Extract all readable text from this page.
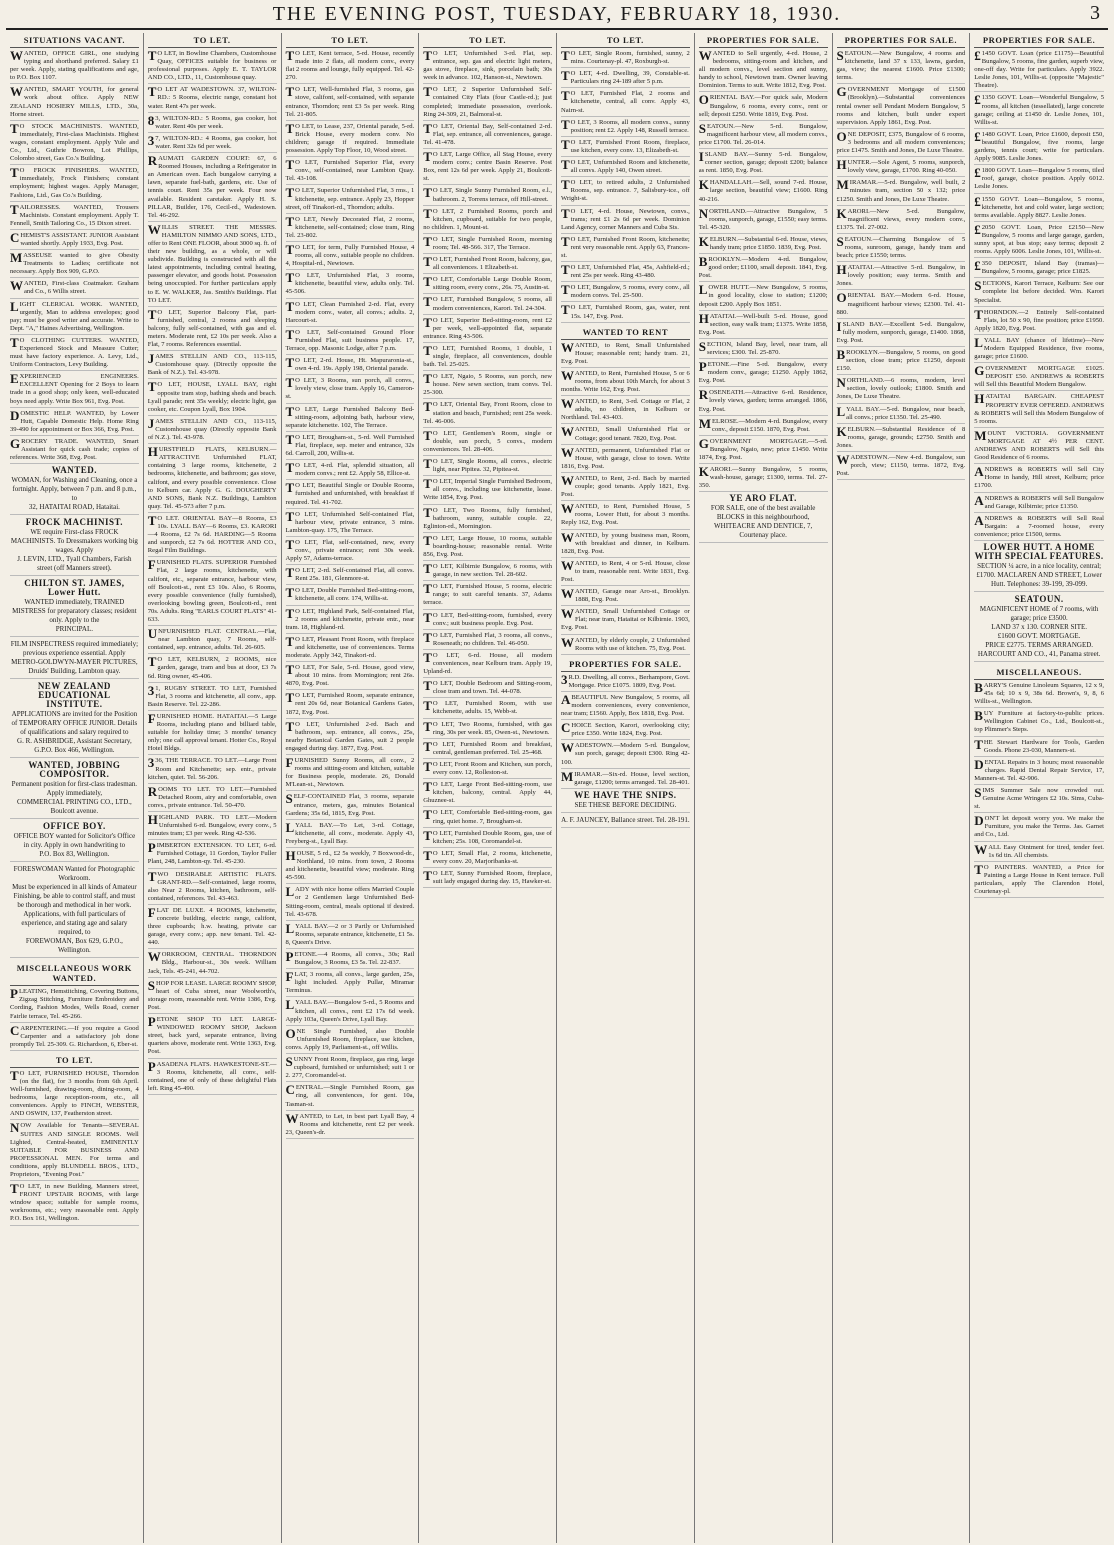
THE EVENING POST, TUESDAY, FEBRUARY 18, 1930.	3
SITUATIONS VACANT.

WANTED, OFFICE GIRL, one studying typing and shorthand preferred. Salary £1 per week. Apply, stating qualifications and age, to P.O. Box 1107.

WANTED, SMART YOUTH, for general work about office. Apply NEW ZEALAND HOSIERY MILLS, LTD., 30a, Horne street.

T O STOCK MACHINISTS. WANTED, immediately, First-class Machinists. Highest wages, constant employment. Apply Yule and Co., Ltd., Guthrie Bowron, Lot Phillips, Colombo street, Gas Co.'s Building.

T O FROCK FINISHERS. WANTED, immediately, Frock Finishers; constant employment; highest wages. Apply Manager, Fashions, Ltd., Gas Co.'s Building.

TAILORESSES. WANTED, Trousers Machinists. Constant employment. Apply T. Fennell, Smith Tailoring Co., 15 Dixon street.

CHEMIST'S ASSISTANT. JUNIOR Assistant wanted shortly. Apply 1933, Evg. Post.

MASSEUSE wanted to give Obesity Treatments to Ladies; certificate not necessary. Apply Box 909, G.P.O.

WANTED, First-class Coatmaker. Graham and Co., 6 Willis street.

LIGHT CLERICAL WORK. WANTED, urgently, Man to address envelopes; good pay; must be good writer and accurate. Write to Dept. "A," Haines Advertising, Wellington.

T O CLOTHING CUTTERS. WANTED, Experienced Stock and Measure Cutter; must have factory experience. A. Levy, Ltd., Uniform Contractors, Levy Building.

EXPERIENCED ENGINEERS. EXCELLENT Opening for 2 Boys to learn trade in a good shop; only keen, well-educated boys need apply. Write Box 961, Evg. Post.

DOMESTIC HELP. WANTED, by Lower Hutt, Capable Domestic Help. Home Ring 39-490 for appointment or Box 366, Evg. Post.

GROCERY TRADE. WANTED, Smart Assistant for quick cash trade; copies of references. Write 368, Evg. Post.

WANTED.
WOMAN, for Washing and Cleaning, once a fortnight. Apply, between 7 p.m. and 8 p.m., to
32, HATAITAI ROAD, Hataitai.
FROCK MACHINIST.
WE require First-class FROCK MACHINISTS. To Dressmakers working big wages. Apply
J. LEVIN, LTD., Tyall Chambers, Farish street (off Manners street).
CHILTON ST. JAMES, Lower Hutt.
WANTED immediately, TRAINED MISTRESS for preparatory classes; resident only. Apply to the
PRINCIPAL.
FILM INSPECTRESS required immediately; previous experience essential. Apply
METRO-GOLDWYN-MAYER PICTURES, Druids' Building, Lambton quay.
NEW ZEALAND EDUCATIONAL INSTITUTE.
APPLICATIONS are invited for the Position of TEMPORARY OFFICE JUNIOR. Details of qualifications and salary required to
G. R. ASHBRIDGE, Assistant Secretary, G.P.O. Box 466, Wellington.
WANTED, JOBBING COMPOSITOR.
Permanent position for first-class tradesman. Apply immediately,
COMMERCIAL PRINTING CO., LTD., Boulcott avenue.
OFFICE BOY.
OFFICE BOY wanted for Solicitor's Office in city. Apply in own handwriting to
P.O. Box 83, Wellington.
FORESWOMAN Wanted for Photographic Workroom.
Must be experienced in all kinds of Amateur Finishing, be able to control staff, and must be thorough and methodical in her work.
Applications, with full particulars of experience, and stating age and salary required, to
FOREWOMAN, Box 629, G.P.O., Wellington.
MISCELLANEOUS WORK WANTED.

PLEATING, Hemstitching, Covering Buttons, Zigzag Stitching, Furniture Embroidery and Cording, Fashion Modes, Wells Road, corner Fairlie terrace, Tel. 45-266.

CARPENTERING.—If you require a Good Carpenter and a satisfactory job done promptly Tel. 25-309. G. Richardson, 6, Eber-st.

TO LET.

T O LET, FURNISHED HOUSE, Thorndon (on the flat), for 3 months from 6th April. Well-furnished, drawing-room, dining-room, 4 bedrooms, large reception-room, etc., all conveniences. Apply to FINCH, WEBSTER, AND OSWIN, 137, Featherston street.

NOW Available for Tenants—SEVERAL SUITES AND SINGLE ROOMS. Well Lighted, Central-heated, EMINENTLY SUITABLE FOR BUSINESS AND PROFESSIONAL MEN. For terms and conditions, apply BLUNDELL BROS., LTD., Proprietors, "Evening Post."

T O LET, in new Building, Manners street, FRONT UPSTAIR ROOMS, with large window space; suitable for sample rooms, workrooms, etc.; very reasonable rent. Apply P.O. Box 161, Wellington.

TO LET.

T O LET, in Bowline Chambers, Customhouse Quay, OFFICES suitable for business or professional purposes. Apply E. T. TAYLOR AND CO., LTD., 11, Customhouse quay.

T O LET AT WADESTOWN. 37, WILTON-RD.: 5 Rooms, electric range, constant hot water. Rent 47s per week.

8 3, WILTON-RD.: 5 Rooms, gas cooker, hot water. Rent 40s per week.

3 7, WILTON-RD.: 4 Rooms, gas cooker, hot water. Rent 32s 6d per week.

RAUMATI GARDEN COURT: 67, 6 Roomed Houses, including a Refrigerator in an American oven. Each bungalow carrying a lawn, separate fuel-bath, gardens, etc. Use of tennis court. Rent 35s per week. Four now available. Resident caretaker. Apply H. S. PILLAR, Builder, 176, Cecil-rd., Wadestown. Tel. 46-292.

WILLIS STREET. THE MESSRS. HAMILTON NIMMO AND SONS, LTD., offer to Rent ONE FLOOR, about 3000 sq. ft. of their new building, as a whole, or will subdivide. Building is constructed with all the latest appointments, including central heating, passenger elevator, and goods hoist. Possession being unoccupied. For further particulars apply to E. W. WALKER, Jas. Smith's Buildings. Flat TO LET.

T O LET, Superior Balcony Flat, part-furnished, central, 2 rooms and sleeping balcony, fully self-contained, with gas and el. meters. Moderate rent, £2 10s per week. Also a Flat, 7 rooms. References essential.

JAMES STELLIN AND CO., 113-115, Customhouse quay. (Directly opposite the Bank of N.Z.). Tel. 43-978.

T O LET, HOUSE, LYALL BAY, right opposite tram stop, bathing sheds and beach. Lyall parade; rent 35s weekly; electric light, gas cooker, etc. Coupon Lyall, Box 1904.

JAMES STELLIN AND CO., 113-115, Customhouse quay (Directly opposite Bank of N.Z.). Tel. 43-978.

HURSTFIELD FLATS, KELBURN.—ATTRACTIVE Unfurnished FLAT, containing 3 large rooms, kitchenette, 2 bedrooms, kitchenette, and bathroom; gas stove, califont, and every possible convenience. Close to Kelburn car. Apply G. G. DOUGHERTY AND SONS, Bank N.Z. Buildings, Lambton quay. Tel. 45-573 after 7 p.m.

T O LET. ORIENTAL BAY—8 Rooms, £3 10s. LYALL BAY—6 Rooms, £3. KARORI—4 Rooms, £2 7s 6d. HARDING—5 Rooms and sunporch, £2 7s 6d. HOTTER AND CO., Regal Film Buildings.

FURNISHED FLATS. SUPERIOR Furnished Flat, 2 large rooms, kitchenette, with califont, etc., separate entrance, harbour view, off Boulcott-st., rent £3 10s. Also, 6 Rooms, every possible convenience (fully furnished), overlooking bowling green, Boulcott-rd., rent 70s. Adults. Ring "EARLS COURT FLATS" 41-633.

UNFURNISHED FLAT. CENTRAL.—Flat, near Lambton quay, 7 Rooms, self-contained, sep. entrance, adults. Tel. 26-605.

T O LET, KELBURN, 2 ROOMS, nice garden, garage, tram and bus at door, £3 7s 6d. Ring owner, 45-406.

3 1, RUGBY STREET. TO LET, Furnished Flat, 3 rooms and kitchenette, all conv., app. Basin Reserve. Tel. 22-286.

FURNISHED HOME. HATAITAI.—5 Large Rooms, including piano and billiard table, suitable for holiday time; 3 months' tenancy only; one call approval tenant. Hotter Co., Royal Hotel Bldgs.

3 36, THE TERRACE. TO LET.—Large Front Room and Kitchenette; sep. entr., private kitchen, quiet. Tel. 56-206.

ROOMS TO LET. TO LET.—Furnished Detached Room, airy and comfortable, own convs., private entrance. Tel. 50-470.

HIGHLAND PARK. TO LET.—Modern Unfurnished 6-rd. Bungalow, every conv., 5 minutes tram; £3 per week. Ring 42-536.

PIMBERTON EXTENSION. TO LET, 6-rd. Furnished Cottage, 11 Gordon, Taylor Fuller Plant, 248, Lambton-qy. Tel. 45-230.

TWO DESIRABLE ARTISTIC FLATS. GRANT-RD.—Self-contained, large rooms, also Near 2 Rooms, kitchen, bathroom, self-contained, references. Tel. 43-463.

FLAT DE LUXE. 4 ROOMS, kitchenette, concrete building, electric range, califont, three cupboards; h.w. heating, private car garage, every conv.; app. new tenant. Tel. 42-440.

WORKROOM, CENTRAL. THORNDON Bldg., Harbour-st., 30s week. William Jack, Tels. 45-241, 44-702.

SHOP FOR LEASE. LARGE ROOMY SHOP, heart of Cuba street, near Woolworth's, storage room, reasonable rent. Write 1386, Evg. Post.

PETONE SHOP TO LET. LARGE-WINDOWED ROOMY SHOP, Jackson street, back yard, separate entrance, living quarters above, moderate rent. Write 1363, Evg. Post.

PASADENA FLATS. HAWKESTONE-ST.—3 Rooms, kitchenette, all conv., self-contained, one of only of these delightful Flats left. Ring 45-490.

TO LET.

T O LET, Kent terrace, 5-rd. House, recently made into 2 flats, all modern conv., every flat 2 rooms and lounge, fully equipped. Tel. 42-270.

T O LET, Well-furnished Flat, 3 rooms, gas stove, califont, self-contained, with separate entrance, Thorndon; rent £3 5s per week. Ring Tel. 21-805.

T O LET, to Lease, 237, Oriental parade, 5-rd. Brick House, every modern conv. No children; garage if required. Immediate possession. Apply Top Floor, 10, Wood street.

T O LET, Furnished Superior Flat, every conv., self-contained, near Lambton Quay. Tel. 43-108.

T O LET, Superior Unfurnished Flat, 3 rms., 1 kitchenette, sep. entrance. Apply 23, Hopper street, off Tinakori-rd., Thorndon; adults.

T O LET, Newly Decorated Flat, 2 rooms, kitchenette, self-contained; close tram, Ring Tel. 23-802.

T O LET, for term, Fully Furnished House, 4 rooms, all conv., suitable people no children. 4, Hospital-rd., Newtown.

T O LET, Unfurnished Flat, 3 rooms, kitchenette, beautiful view, adults only. Tel. 45-506.

T O LET, Clean Furnished 2-rd. Flat, every modern conv., water, all convs.; adults. 2, Harcourt-st.

T O LET, Self-contained Ground Floor Furnished Flat, suit business people. 17, Terrace, opp. Masonic Lodge, after 7 p.m.

T O LET, 2-rd. House, Ht. Mapuraronia-st., own 4-rd. 19s. Apply 198, Oriental parade.

T O LET, 3 Rooms, sun porch, all convs., lovely view, close tram. Apply 16, Cameron-st.

T O LET, Large Furnished Balcony Bed-sitting-room, adjoining bath, harbour view, separate kitchenette. 102, The Terrace.

T O LET, Brougham-st., 5-rd. Well Furnished Flat, fireplace, sep. meter and entrance, 32s 6d. Carroll, 200, Willis-st.

T O LET, 4-rd. Flat, splendid situation, all modern convs.; rent £2. Apply 58, Ellice-st.

T O LET, Beautiful Single or Double Rooms, furnished and unfurnished, with breakfast if required. Tel. 41-702.

T O LET, Unfurnished Self-contained Flat, harbour view, private entrance, 3 mins. Lambton-quay. 175, The Terrace.

T O LET, Flat, self-contained, new, every conv., private entrance; rent 30s week. Apply 57, Adams-terrace.

T O LET, 2-rd. Self-contained Flat, all convs. Rent 25s. 181, Glenmore-st.

T O LET, Double Furnished Bed-sitting-room, kitchenette, all conv. 174, Willis-st.

T O LET, Highland Park, Self-contained Flat, 2 rooms and kitchenette, private entr., near tram. 18, Highland-rd.

T O LET, Pleasant Front Room, with fireplace and kitchenette, use of conveniences. Terms moderate. Apply 342, Tinakori-rd.

T O LET, For Sale, 5-rd. House, good view, about 10 mins. from Mornington; rent 26s. 4870, Evg. Post.

T O LET, Furnished Room, separate entrance, rent 20s 6d, near Botanical Gardens Gates, 1872, Evg. Post.

T O LET, Unfurnished 2-rd. Bach and bathroom, sep. entrance, all convs., 25s, nearby Botanical Garden Gates, suit 2 people engaged during day. 1877, Evg. Post.

FURNISHED Sunny Rooms, all conv., 2 rooms and sitting-room and kitchen, suitable for Business people, moderate. 26, Donald M'Lean-st., Newtown.

SELF-CONTAINED Flat, 3 rooms, separate entrance, meters, gas, minutes Botanical Gardens; 35s 6d, 1815, Evg. Post.

LYALL BAY.—To Let, 3-rd. Cottage, kitchenette, all conv., moderate. Apply 43, Freyberg-st., Lyall Bay.

HOUSE, 5 rd., £2 5s weekly, 7 Boxwood-dr., Northland, 10 mins. from town, 2 Rooms and kitchenette, beautiful view; moderate. Ring 45-590.

LADY with nice home offers Married Couple or 2 Gentlemen large Unfurnished Bed-Sitting-room, central, meals optional if desired. Tel. 43-678.

LYALL BAY.—2 or 3 Partly or Unfurnished Rooms, separate entrance, kitchenette, £1 5s. 8, Queen's Drive.

PETONE.—4 Rooms, all convs., 30s; Rail Bungalow, 3 Rooms, £3 5s. Tel. 22-837.

FLAT, 3 rooms, all convs., large garden, 25s, light included. Apply Pullar, Miramar Terminus.

LYALL BAY.—Bungalow 5-rd., 5 Rooms and kitchen, all convs., rent £2 17s 6d week. Apply 103a, Queen's Drive, Lyall Bay.

ONE Single Furnished, also Double Unfurnished Room, fireplace, use kitchen, convs. Apply 19, Parliament-st., off Willis.

SUNNY Front Room, fireplace, gas ring, large cupboard, furnished or unfurnished; suit 1 or 2. 277, Coromandel-st.

CENTRAL.—Single Furnished Room, gas ring, all conveniences, for gent. 10a, Tasman-st.

WANTED, to Let, in best part Lyall Bay, 4 Rooms and kitchenette, rent £2 per week. 23, Queen's-dr.

TO LET.

T O LET, Unfurnished 3-rd. Flat, sep. entrance, sep. gas and electric light meters, gas stove, fireplace, sink, porcelain bath; 30s week in advance. 102, Hanson-st., Newtown.

T O LET, 2 Superior Unfurnished Self-contained City Flats (four Castle-rd.); just completed; immediate possession, overlook. Ring 24-309, 21, Balmoral-st.

T O LET, Oriental Bay, Self-contained 2-rd. Flat, sep. entrance, all conveniences, garage. Tel. 41-478.

T O LET, Large Office, all Stag House, every modern conv.; centre Basin Reserve. Post Box, rent 12s 6d per week. Apply 21, Boulcott-st.

T O LET, Single Sunny Furnished Room, e.l., bathroom. 2, Torrens terrace, off Hill-street.

T O LET, 2 Furnished Rooms, porch and kitchen, cupboard, suitable for two people, no children. 1, Mount-st.

T O LET, Single Furnished Room, morning room; Tel. 48-566. 317, The Terrace.

T O LET, Furnished Front Room, balcony, gas, all conveniences. 1 Elizabeth-st.

T O LET, Comfortable Large Double Room, sitting room, every conv., 26s. 75, Austin-st.

T O LET, Furnished Bungalow, 5 rooms, all modern conveniences, Karori. Tel. 24-304.

T O LET, Superior Bed-sitting-room, rent £2 per week, well-appointed flat, separate entrance. Ring 43-506.

T O LET, Furnished Rooms, 1 double, 1 single, fireplace, all conveniences, double bath. Tel. 25-025.

T O LET, Ngaio, 5 Rooms, sun porch, new house. New sewn section, tram convs. Tel. 25-300.

T O LET, Oriental Bay, Front Room, close to station and beach, Furnished; rent 25s week. Tel. 46-006.

T O LET, Gentlemen's Room, single or double, sun porch, 5 convs., modern conveniences. Tel. 28-406.

T O LET, Single Rooms, all convs., electric light, near Pipitea. 32, Pipitea-st.

T O LET, Imperial Single Furnished Bedroom, all convs., including use kitchenette, lease. Write 1854, Evg. Post.

T O LET, Two Rooms, fully furnished, bathroom, sunny, suitable couple. 22, Eglinton-rd., Mornington.

T O LET, Large House, 10 rooms, suitable boarding-house; reasonable rental. Write 856, Evg. Post.

T O LET, Kilbirnie Bungalow, 6 rooms, with garage, in new section. Tel. 28-602.

T O LET, Furnished House, 5 rooms, electric range; to suit careful tenants. 37, Adams terrace.

T O LET, Bed-sitting-room, furnished, every conv.; suit business people. Evg. Post.

T O LET, Furnished Flat, 3 rooms, all convs., Roseneath; no children. Tel. 46-050.

T O LET, 6-rd. House, all modern conveniences, near Kelburn tram. Apply 19, Upland-rd.

T O LET, Double Bedroom and Sitting-room, close tram and town. Tel. 44-078.

T O LET, Furnished Room, with use kitchenette, adults. 15, Webb-st.

T O LET, Two Rooms, furnished, with gas ring, 30s per week. 85, Owen-st., Newtown.

T O LET, Furnished Room and breakfast, central, gentleman preferred. Tel. 25-468.

T O LET, Front Room and Kitchen, sun porch, every conv. 12, Rolleston-st.

T O LET, Large Front Bed-sitting-room, use kitchen, balcony, central. Apply 44, Ghuznee-st.

T O LET, Comfortable Bed-sitting-room, gas ring, quiet home. 7, Brougham-st.

T O LET, Furnished Double Room, gas, use of kitchen; 25s. 108, Coromandel-st.

T O LET, Small Flat, 2 rooms, kitchenette, every conv. 20, Marjoribanks-st.

T O LET, Sunny Furnished Room, fireplace, suit lady engaged during day. 15, Hawker-st.

TO LET.

T O LET, Single Room, furnished, sunny, 2 mins. Courtenay-pl. 47, Roxburgh-st.

T O LET, 4-rd. Dwelling, 39, Constable-st. Particulars ring 24-189 after 5 p.m.

T O LET, Furnished Flat, 2 rooms and kitchenette, central, all conv. Apply 43, Nairn-st.

T O LET, 3 Rooms, all modern convs., sunny position; rent £2. Apply 148, Russell terrace.

T O LET, Furnished Front Room, fireplace, use kitchen, every conv. 13, Elizabeth-st.

T O LET, Unfurnished Room and kitchenette, all convs. Apply 140, Owen street.

T O LET, to retired adults, 2 Unfurnished Rooms, sep. entrance. 7, Salisbury-tce., off Wright-st.

T O LET, 4-rd. House, Newtown, convs., trams; rent £1 2s 6d per week. Dominion Land Agency, corner Manners and Cuba Sts.

T O LET, Furnished Front Room, kitchenette; rent very reasonable rent. Apply 63, Frances-st.

T O LET, Unfurnished Flat, 45s, Ashfield-rd.; rent 25s per week. Ring 43-480.

T O LET, Bungalow, 5 rooms, every conv., all modern convs. Tel. 25-500.

T O LET, Furnished Room, gas, water, rent 15s. 147, Evg. Post.

WANTED TO RENT

WANTED, to Rent, Small Unfurnished House; reasonable rent; handy tram. 21, Evg. Post.

WANTED, to Rent, Furnished House, 5 or 6 rooms, from about 10th March, for about 3 months. Write 162, Evg. Post.

WANTED, to Rent, 3-rd. Cottage or Flat, 2 adults, no children, in Kelburn or Northland. Tel. 43-403.

WANTED, Small Unfurnished Flat or Cottage; good tenant. 7820, Evg. Post.

WANTED, permanent, Unfurnished Flat or House, with garage, close to town. Write 1816, Evg. Post.

WANTED, to Rent, 2-rd. Bach by married couple; good tenants. Apply 1821, Evg. Post.

WANTED, to Rent, Furnished House, 5 rooms, Lower Hutt, for about 3 months. Reply 162, Evg. Post.

WANTED, by young business man, Room, with breakfast and dinner, in Kelburn. 1828, Evg. Post.

WANTED, to Rent, 4 or 5-rd. House, close to tram, reasonable rent. Write 1831, Evg. Post.

WANTED, Garage near Aro-st., Brooklyn. 1888, Evg. Post.

WANTED, Small Unfurnished Cottage or Flat; near tram, Hataitai or Kilbirnie. 1903, Evg. Post.

WANTED, by elderly couple, 2 Unfurnished Rooms with use of kitchen. 75, Evg. Post.

PROPERTIES FOR SALE.

3 R.D. Dwelling, all convs., Berhampore, Govt. Mortgage. Price £1075. 1809, Evg. Post.

A BEAUTIFUL New Bungalow, 5 rooms, all modern conveniences, every convenience, near tram; £1560. Apply, Box 1818, Evg. Post.

CHOICE Section, Karori, overlooking city; price £350. Write 1824, Evg. Post.

WADESTOWN.—Modern 5-rd. Bungalow, sun porch, garage; deposit £300. Ring 42-100.

MIRAMAR.—Six-rd. House, level section, garage, £1200; terms arranged. Tel. 28-401.

WE HAVE THE SNIPS.
SEE THESE BEFORE DECIDING.
A. F. JAUNCEY, Ballance street. Tel. 28-191.
PROPERTIES FOR SALE.

WANTED to Sell urgently, 4-rd. House, 2 bedrooms, sitting-room and kitchen, and all modern convs., level section and sunny, handy to school, Newtown tram. Owner leaving Dominion. Terms to suit. Write 1812, Evg. Post.

ORIENTAL BAY.—For quick sale, Modern Bungalow, 6 rooms, every conv., rent or sell; deposit £250. Write 1819, Evg. Post.

SEATOUN.—New 5-rd. Bungalow, magnificent harbour view, all modern convs., price £1700. Tel. 26-014.

ISLAND BAY.—Sunny 5-rd. Bungalow, corner section, garage; deposit £200; balance as rent. 1850, Evg. Post.

KHANDALLAH.—Sell, sound 7-rd. House, large section, beautiful view; £1600. Ring 40-216.

NORTHLAND.—Attractive Bungalow, 5 rooms, sunporch, garage, £1550; easy terms. Tel. 45-320.

KELBURN.—Substantial 6-rd. House, views, handy tram; price £1850. 1839, Evg. Post.

BROOKLYN.—Modern 4-rd. Bungalow, good order; £1100, small deposit. 1841, Evg. Post.

LOWER HUTT.—New Bungalow, 5 rooms, in good locality, close to station; £1200; deposit £200. Apply Box 1851.

HATAITAI.—Well-built 5-rd. House, good section, easy walk tram; £1375. Write 1858, Evg. Post.

SECTION, Island Bay, level, near tram, all services; £300. Tel. 25-870.

PETONE.—Fine 5-rd. Bungalow, every modern conv., garage; £1250. Apply 1862, Evg. Post.

ROSENEATH.—Attractive 6-rd. Residence, lovely views, garden; terms arranged. 1866, Evg. Post.

MELROSE.—Modern 4-rd. Bungalow, every conv., deposit £150. 1870, Evg. Post.

GOVERNMENT MORTGAGE.—5-rd. Bungalow, Ngaio, new; price £1450. Write 1874, Evg. Post.

KARORI.—Sunny Bungalow, 5 rooms, wash-house, garage; £1300, terms. Tel. 27-350.

YE ARO FLAT.
FOR SALE, one of the best available BLOCKS in this neighbourhood,
WHITEACRE AND DENTICE, 7, Courtenay place.
PROPERTIES FOR SALE.

SEATOUN.—New Bungalow, 4 rooms and kitchenette, land 37 x 133, lawns, garden, gas, view; the nearest £1600. Price £1300; terms.

GOVERNMENT Mortgage of £1500 (Brooklyn).—Substantial conveniences rental owner sell Pendant Modern Bungalow, 5 rooms and kitchen, built under expert supervision. Apply 1861, Evg. Post.

ONE DEPOSIT, £375, Bungalow of 6 rooms, 3 bedrooms and all modern conveniences; price £1475. Smith and Jones, De Luxe Theatre.

HUNTER.—Sole Agent, 5 rooms, sunporch, lovely view, garage, £1700. Ring 40-050.

MIRAMAR.—5-rd. Bungalow, well built, 2 minutes tram, section 50 x 132; price £1250. Smith and Jones, De Luxe Theatre.

KARORI.—New 5-rd. Bungalow, magnificent views, every modern conv., £1375. Tel. 27-002.

SEATOUN.—Charming Bungalow of 5 rooms, sunroom, garage, handy tram and beach; price £1550; terms.

HATAITAI.—Attractive 5-rd. Bungalow, in lovely position; easy terms. Smith and Jones.

ORIENTAL BAY.—Modern 6-rd. House, magnificent harbour views; £2300. Tel. 41-880.

ISLAND BAY.—Excellent 5-rd. Bungalow, fully modern, sunporch, garage, £1400. 1868, Evg. Post.

BROOKLYN.—Bungalow, 5 rooms, on good section, close tram; price £1250, deposit £150.

NORTHLAND.—6 rooms, modern, level section, lovely outlook; £1800. Smith and Jones, De Luxe Theatre.

LYALL BAY.—5-rd. Bungalow, near beach, all convs.; price £1350. Tel. 25-490.

KELBURN.—Substantial Residence of 8 rooms, garage, grounds; £2750. Smith and Jones.

WADESTOWN.—New 4-rd. Bungalow, sun porch, view; £1150, terms. 1872, Evg. Post.

PROPERTIES FOR SALE.

£ 1450 GOVT. Loan (price £1175)—Beautiful Bungalow, 5 rooms, fine garden, superb view, one-off day. Write for particulars. Apply 3922. Leslie Jones, 101, Willis-st. (opposite "Majestic" Theatre).

£ 1350 GOVT. Loan—Wonderful Bungalow, 5 rooms, all kitchen (tessellated), large concrete garage; ceiling at £1450 dr. Leslie Jones, 101, Willis-st.

£ 1480 GOVT. Loan, Price £1600, deposit £50, beautiful Bungalow, five rooms, large gardens, tennis court; write for particulars. Apply 9085. Leslie Jones.

£ 1800 GOVT. Loan—Bungalow 5 rooms, tiled roof, garage, choice position. Apply 6012. Leslie Jones.

£ 1550 GOVT. Loan—Bungalow, 5 rooms, kitchenette, hot and cold water, large section; terms available. Apply 8827. Leslie Jones.

£ 2050 GOVT. Loan, Price £2150—New Bungalow, 5 rooms and large garage, garden, sunny spot, at bus stop; easy terms; deposit 2 rooms. Apply 6006. Leslie Jones, 101, Willis-st.

£ 350 DEPOSIT, Island Bay (tramas)—Bungalow, 5 rooms, garage; price £1825.

SECTIONS, Karori Terrace, Kelburn: See our complete list before decided. Wm. Karori Specialist.

THORNDON.—2 Entirely Self-contained Flats, lot 50 x 90, fine position; price £1950. Apply 1820, Evg. Post.

LYALL BAY (chance of lifetime)—New Modern Equipped Residence, five rooms, garage; price £1600.

GOVERNMENT MORTGAGE £1025. DEPOSIT £50. ANDREWS & ROBERTS will Sell this Beautiful Modern Bungalow.

HATAITAI BARGAIN. CHEAPEST PROPERTY EVER OFFERED. ANDREWS & ROBERTS will Sell this Modern Bungalow of 5 rooms.

MOUNT VICTORIA. GOVERNMENT MORTGAGE AT 4½ PER CENT. ANDREWS AND ROBERTS will Sell this Good Residence of 6 rooms.

ANDREWS & ROBERTS will Sell City Home in handy, Hill street, Kelburn; price £1700.

ANDREWS & ROBERTS will Sell Bungalow and Garage, Kilbirnie; price £1350.

ANDREWS & ROBERTS will Sell Real Bargain: a 7-roomed house, every convenience; price £1500, terms.

LOWER HUTT. A HOME WITH SPECIAL FEATURES.
SECTION ¼ acre, in a nice locality, central; £1700. MACLAREN AND STREET, Lower Hutt. Telephones: 39-199, 39-099.
SEATOUN.
MAGNIFICENT HOME of 7 rooms, with garage; price £3500.
LAND 37 x 130. CORNER SITE.
£1600 GOVT. MORTGAGE.
PRICE £2775. TERMS ARRANGED.
HARCOURT AND CO., 41, Panama street.
MISCELLANEOUS.

BARRY'S Genuine Linoleum Squares, 12 x 9, 45s 6d; 10 x 9, 38s 6d. Brown's, 9, 8, 6 Willis-st., Wellington.

BUY Furniture at factory-to-public prices. Wellington Cabinet Co., Ltd., Boulcott-st., top Plimmer's Steps.

THE Stewart Hardware for Tools, Garden Goods. Phone 23-030, Manners-st.

DENTAL Repairs in 3 hours; most reasonable charges. Rapid Dental Repair Service, 17, Manners-st. Tel. 42-906.

SIMS Summer Sale now crowded out. Genuine Acme Wringers £2 10s. Sims, Cuba-st.

DON'T let deposit worry you. We make the Furniture, you make the Terms. Jas. Garnet and Co., Ltd.

WALL Easy Ointment for tired, tender feet. 1s 6d tin. All chemists.

T O PAINTERS. WANTED, a Price for Painting a Large House in Kent terrace. Full particulars, apply The Clarendon Hotel, Courtenay-pl.
